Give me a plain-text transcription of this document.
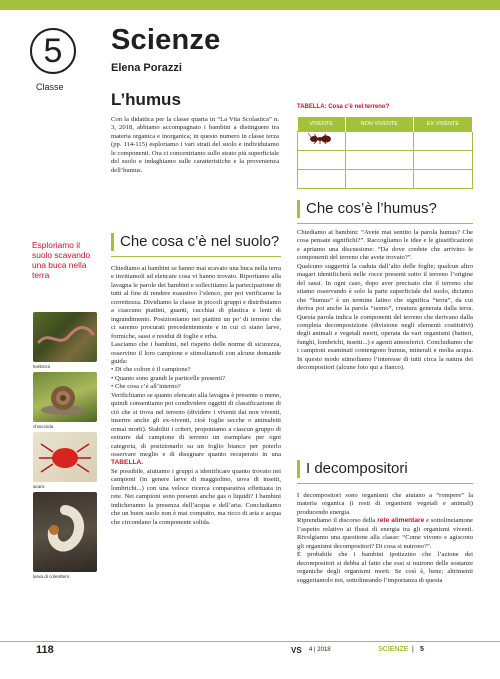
5
Classe
Scienze
Elena Porazzi
L’humus
Con la didattica per la classe quarta in “La Vita Scolastica” n. 3, 2018, abbiamo accompagnato i bambini a distinguere tra materia organica e inorganica; in questo numero in classe terza (pp. 114-115) esploriamo i vari strati del suolo e individuiamo le componenti. Ora ci concentriamo sullo strato più superficiale del suolo e indaghiamo sulle caratteristiche e la provenienza dell’humus.
TABELLA: Cosa c’è nel terreno?
VIVENTE	NON VIVENTE	EX VIVENTE

Che cosa c’è nel suolo?
Esploriamo il suolo scavando una buca nella terra
lombrico
chiocciola
acaro
larva di coleottero

Chiediamo ai bambini se hanno mai scavato una buca nella terra e invitiamoli ad elencare cosa vi hanno trovato. Riportiamo alla lavagna le parole dei bambini e sollecitiamo la partecipazione di tutti al fine di rendere esaustivo l’elenco, per poi verificarne la correttezza. Dividiamo la classe in piccoli gruppi e distribuiamo a ciascuno piattini, guanti, cucchiai di plastica e lenti di ingrandimento. Posizioniamo nei piattini un po’ di terreno che ci saremo procurati precedentemente e in cui ci siano larve, formiche, sassi e residui di foglie e erba.

Lasciamo che i bambini, nel rispetto delle norme di sicurezza, osservino il loro campione e stimoliamoli con alcune domande guida:

• Di che colore è il campione?

• Quanto sono grandi le particelle presenti?

• Che cosa c’è all’interno?

Verifichiamo se quanto elencato alla lavagna è presente o meno, quindi consentiamo poi condividere oggetti di classificazione di ciò che si trova nel terreno (dividere i viventi dai non viventi, inserire anche gli ex-viventi, cioè foglie secche o animaletti ormai morti). Stabiliti i criteri, proponiamo a ciascun gruppo di estrarre dal campione di terreno un esemplare per ogni categoria, di posizionarlo su un foglio bianco per poterlo osservare meglio e di disegnare quanto recuperato in una TABELLA.

Se possibile, aiutiamo i gruppi a identificare quanto trovato nei campioni (in genere larve di maggiolino, uova di insetti, lombrichi...) con una veloce ricerca comparativa effettuata in rete. Nei campioni sono presenti anche gas o liquidi? I bambini indicheranno la presenza dell’acqua e dell’aria. Concludiamo che un buon suolo non è mai compatto, ma ricco di aria e acqua che circondano la componente solida.

Che cos’è l’humus?

Chiediamo ai bambini: “Avete mai sentito la parola humus? Che cosa pensate significhi?”. Raccogliamo le idee e le giustificazioni e apriamo una discussione: “Da dove credete che arrivino le componenti del terreno che avete trovato?”.

Qualcuno suggerirà la caduta dall’alto delle foglie; qualcun altro magari identificherà nelle rocce presenti sotto il terreno l’origine del sassi. In ogni caso, dopo aver precisato che il terreno che stiamo osservando è solo la parte superficiale del suolo, diciamo che “humus” è un termine latino che significa “terra”, da cui deriva poi anche la parola “uomo”, creatura generata dalla terra. Questa parola indica le componenti del terreno che derivano dalla completa decomposizione (divisione negli elementi costitutivi) degli animali e vegetali morti, operata da vari organismi (batteri, funghi, lombrichi, insetti...) e agenti atmosferici. Concludiamo che i campioni esaminati contengono humus, minerali e molta acqua. In questo modo stimoliamo l’interesse di tutti circa la natura dei decompositori (alcune foto qui a fianco).

I decompositori

I decompositori sono organismi che aiutano a “rompere” la materia organica (i resti di organismi vegetali e animali) producendo energia.

Riprendiamo il discorso della rete alimentare e sottolineiamone l’aspetto relativo ai flussi di energia tra gli organismi viventi. Rivolgiamo una questione alla classe: “Come vivono e agiscono gli organismi decompositori? Di cosa si nutrono?”.

È probabile che i bambini ipotizzino che l’azione dei decompositori si debba al fatto che essi si nutrono delle sostanze organiche degli organismi morti. Se così è, bene; altrimenti suggeriamolo noi, sottolineando l’importanza di questa

118	VS 4 | 2018	SCIENZE | 5
